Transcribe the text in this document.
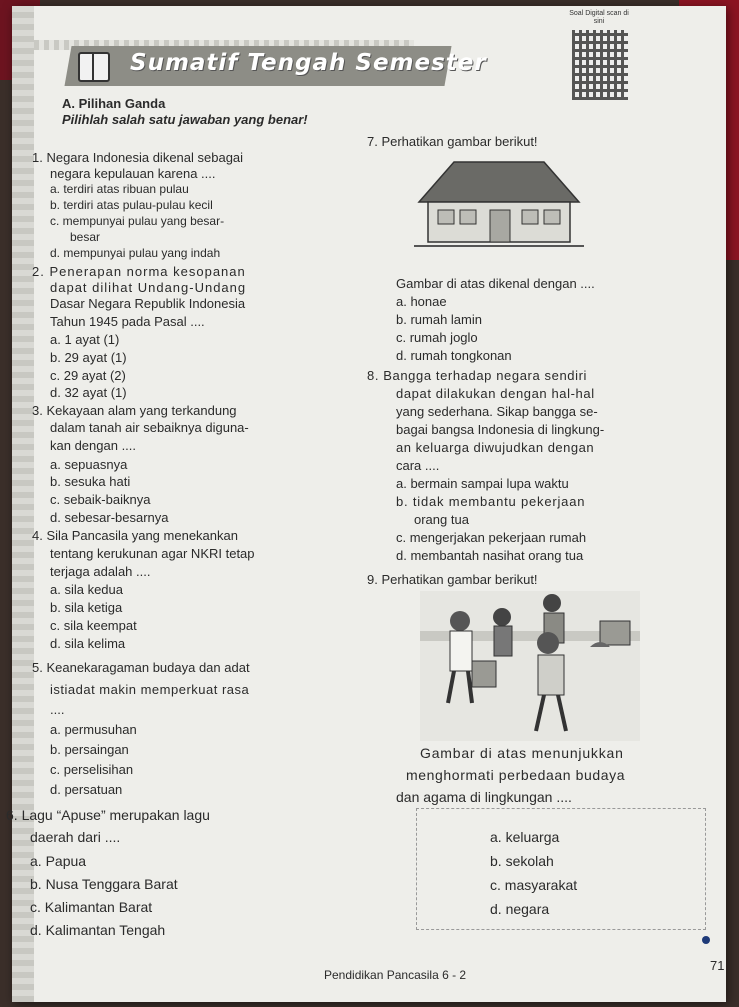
Sumatif Tengah Semester
Soal Digital scan di sini
A. Pilihan Ganda
Pilihlah salah satu jawaban yang benar!
1. Negara Indonesia dikenal sebagai
negara kepulauan karena ....
a. terdiri atas ribuan pulau
b. terdiri atas pulau-pulau kecil
c. mempunyai pulau yang besar-
besar
d. mempunyai pulau yang indah
2. Penerapan norma kesopanan
dapat dilihat Undang-Undang
Dasar Negara Republik Indonesia
Tahun 1945 pada Pasal ....
a. 1 ayat (1)
b. 29 ayat (1)
c. 29 ayat (2)
d. 32 ayat (1)
3. Kekayaan alam yang terkandung
dalam tanah air sebaiknya diguna-
kan dengan ....
a. sepuasnya
b. sesuka hati
c. sebaik-baiknya
d. sebesar-besarnya
4. Sila Pancasila yang menekankan
tentang kerukunan agar NKRI tetap
terjaga adalah ....
a. sila kedua
b. sila ketiga
c. sila keempat
d. sila kelima
5. Keanekaragaman budaya dan adat
istiadat makin memperkuat rasa
....
a. permusuhan
b. persaingan
c. perselisihan
d. persatuan
6. Lagu “Apuse” merupakan lagu
daerah dari ....
a. Papua
b. Nusa Tenggara Barat
c. Kalimantan Barat
d. Kalimantan Tengah
7. Perhatikan gambar berikut!
Gambar di atas dikenal dengan ....
a. honae
b. rumah lamin
c. rumah joglo
d. rumah tongkonan
8. Bangga terhadap negara sendiri
dapat dilakukan dengan hal-hal
yang sederhana. Sikap bangga se-
bagai bangsa Indonesia di lingkung-
an keluarga diwujudkan dengan
cara ....
a. bermain sampai lupa waktu
b. tidak membantu pekerjaan
orang tua
c. mengerjakan pekerjaan rumah
d. membantah nasihat orang tua
9. Perhatikan gambar berikut!
Gambar di atas menunjukkan
menghormati perbedaan budaya
dan agama di lingkungan ....
a. keluarga
b. sekolah
c. masyarakat
d. negara
Pendidikan Pancasila 6 - 2
71
